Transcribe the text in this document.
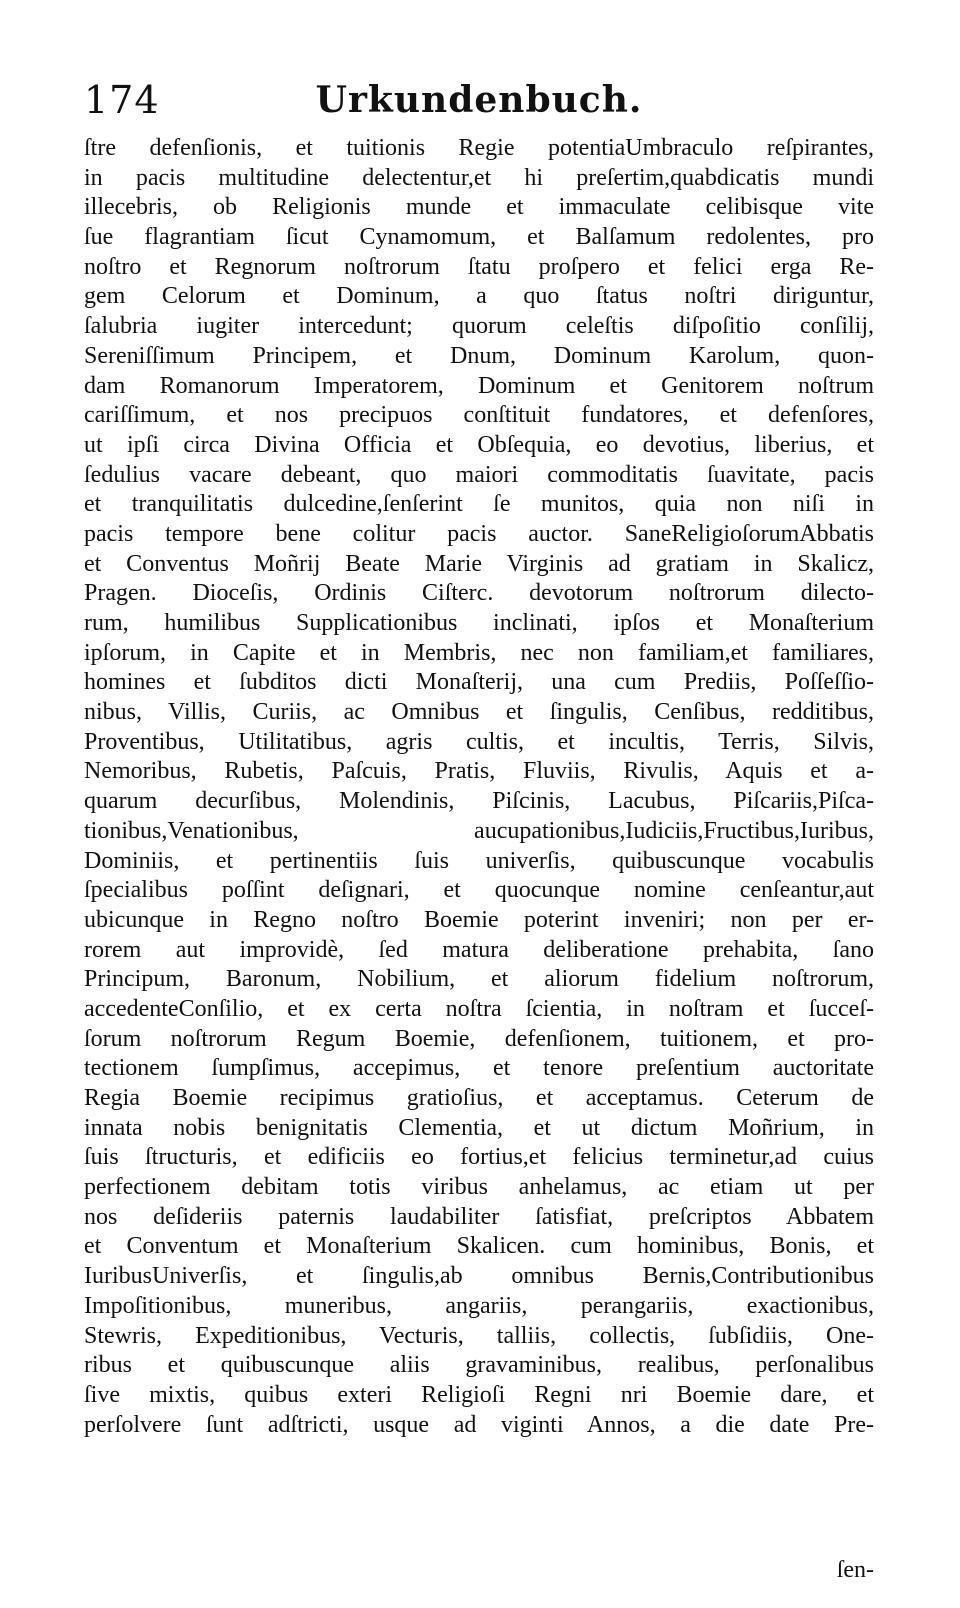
174	Urkundenbuch.
ſtre defenſionis, et tuitionis Regie potentiaUmbraculo reſpirantes,
in pacis multitudine delectentur,et hi preſertim,quabdicatis mundi
illecebris, ob Religionis munde et immaculate celibisque vite
ſue flagrantiam ſicut Cynamomum, et Balſamum redolentes, pro
noſtro et Regnorum noſtrorum ſtatu proſpero et felici erga Re-
gem Celorum et Dominum, a quo ſtatus noſtri diriguntur,
ſalubria iugiter intercedunt; quorum celeſtis diſpoſitio conſilij,
Sereniſſimum Principem, et Dnum, Dominum Karolum, quon-
dam Romanorum Imperatorem, Dominum et Genitorem noſtrum
cariſſimum, et nos precipuos conſtituit fundatores, et defenſores,
ut ipſi circa Divina Officia et Obſequia, eo devotius, liberius, et
ſedulius vacare debeant, quo maiori commoditatis ſuavitate, pacis
et tranquilitatis dulcedine,ſenſerint ſe munitos, quia non niſi in
pacis tempore bene colitur pacis auctor. SaneReligioſorumAbbatis
et Conventus Moñrij Beate Marie Virginis ad gratiam in Skalicz,
Pragen. Dioceſis, Ordinis Ciſterc. devotorum noſtrorum dilecto-
rum, humilibus Supplicationibus inclinati, ipſos et Monaſterium
ipſorum, in Capite et in Membris, nec non familiam,et familiares,
homines et ſubditos dicti Monaſterij, una cum Prediis, Poſſeſſio-
nibus, Villis, Curiis, ac Omnibus et ſingulis, Cenſibus, redditibus,
Proventibus, Utilitatibus, agris cultis, et incultis, Terris, Silvis,
Nemoribus, Rubetis, Paſcuis, Pratis, Fluviis, Rivulis, Aquis et a-
quarum decurſibus, Molendinis, Piſcinis, Lacubus, Piſcariis,Piſca-
tionibus,Venationibus, aucupationibus,Iudiciis,Fructibus,Iuribus,
Dominiis, et pertinentiis ſuis univerſis, quibuscunque vocabulis
ſpecialibus poſſint deſignari, et quocunque nomine cenſeantur,aut
ubicunque in Regno noſtro Boemie poterint inveniri; non per er-
rorem aut improvidè, ſed matura deliberatione prehabita, ſano
Principum, Baronum, Nobilium, et aliorum fidelium noſtrorum,
accedenteConſilio, et ex certa noſtra ſcientia, in noſtram et ſucceſ-
ſorum noſtrorum Regum Boemie, defenſionem, tuitionem, et pro-
tectionem ſumpſimus, accepimus, et tenore preſentium auctoritate
Regia Boemie recipimus gratioſius, et acceptamus. Ceterum de
innata nobis benignitatis Clementia, et ut dictum Moñrium, in
ſuis ſtructuris, et edificiis eo fortius,et felicius terminetur,ad cuius
perfectionem debitam totis viribus anhelamus, ac etiam ut per
nos deſideriis paternis laudabiliter ſatisfiat, preſcriptos Abbatem
et Conventum et Monaſterium Skalicen. cum hominibus, Bonis, et
IuribusUniverſis, et ſingulis,ab omnibus Bernis,Contributionibus
Impoſitionibus, muneribus, angariis, perangariis, exactionibus,
Stewris, Expeditionibus, Vecturis, talliis, collectis, ſubſidiis, One-
ribus et quibuscunque aliis gravaminibus, realibus, perſonalibus
ſive mixtis, quibus exteri Religioſi Regni nri Boemie dare, et
perſolvere ſunt adſtricti, usque ad viginti Annos, a die date Pre-
ſen-
